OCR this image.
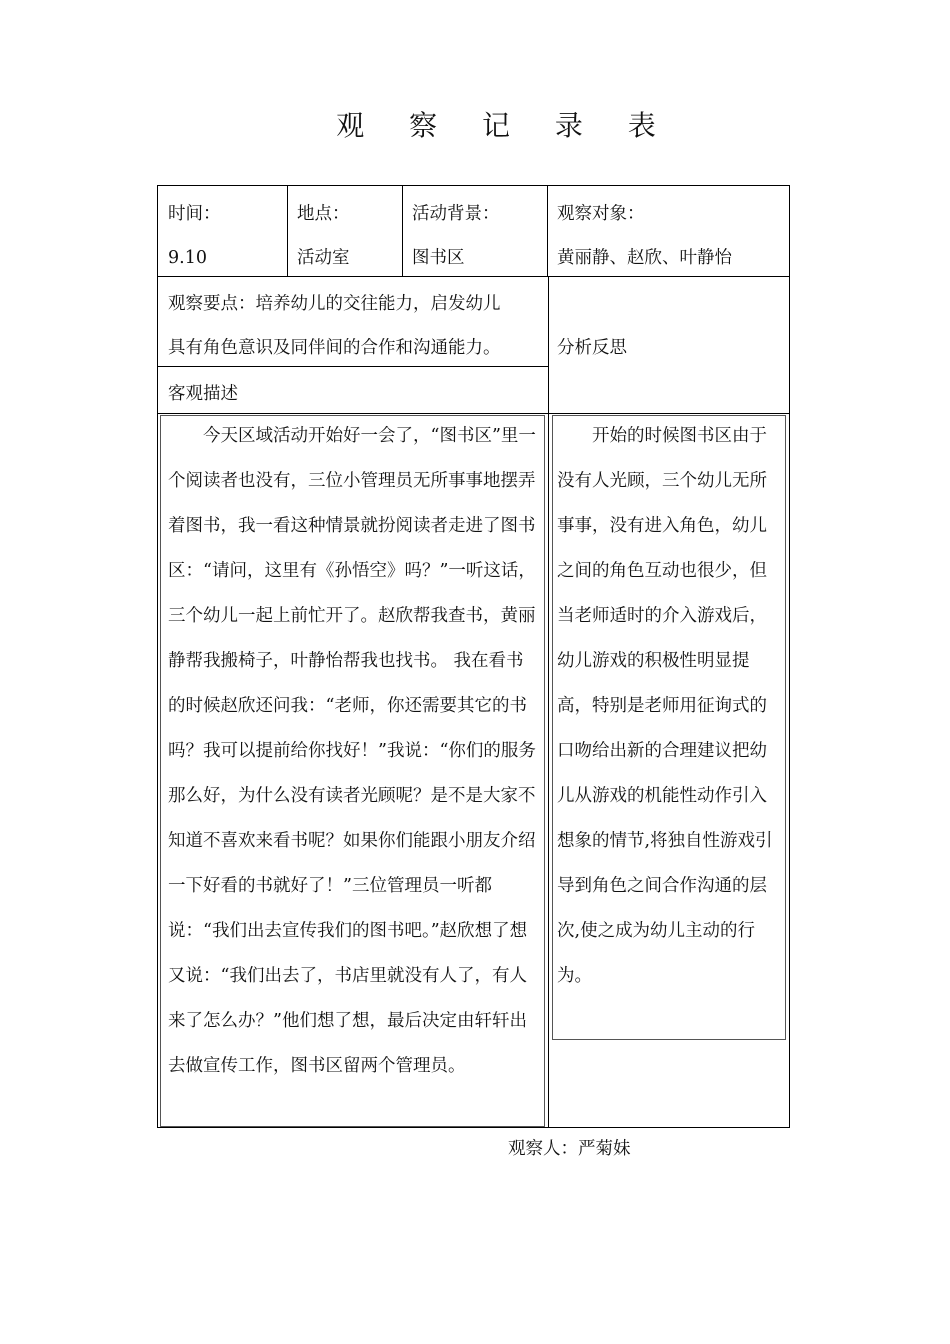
观 察 记 录 表
时间：
9.10
地点：
活动室
活动背景：
图书区
观察对象：
黄丽静、赵欣、叶静怡
观察要点：培养幼儿的交往能力，启发幼儿
具有角色意识及同伴间的合作和沟通能力。	分析反思
客观描述

今天区域活动开始好一会了，“图书区”里一个阅读者也没有，三位小管理员无所事事地摆弄着图书，我一看这种情景就扮阅读者走进了图书区：“请问，这里有《孙悟空》吗？”一听这话，三个幼儿一起上前忙开了。赵欣帮我查书，黄丽静帮我搬椅子，叶静怡帮我也找书。 我在看书的时候赵欣还问我：“老师，你还需要其它的书吗？我可以提前给你找好！”我说：“你们的服务那么好，为什么没有读者光顾呢？是不是大家不知道不喜欢来看书呢？如果你们能跟小朋友介绍一下好看的书就好了！”三位管理员一听都说：“我们出去宣传我们的图书吧。”赵欣想了想又说：“我们出去了，书店里就没有人了，有人来了怎么办？”他们想了想，最后决定由轩轩出去做宣传工作，图书区留两个管理员。

开始的时候图书区由于没有人光顾，三个幼儿无所事事，没有进入角色，幼儿之间的角色互动也很少，但当老师适时的介入游戏后，幼儿游戏的积极性明显提高，特别是老师用征询式的口吻给出新的合理建议把幼儿从游戏的机能性动作引入想象的情节,将独自性游戏引导到角色之间合作沟通的层次,使之成为幼儿主动的行为。

观察人：严菊妹
